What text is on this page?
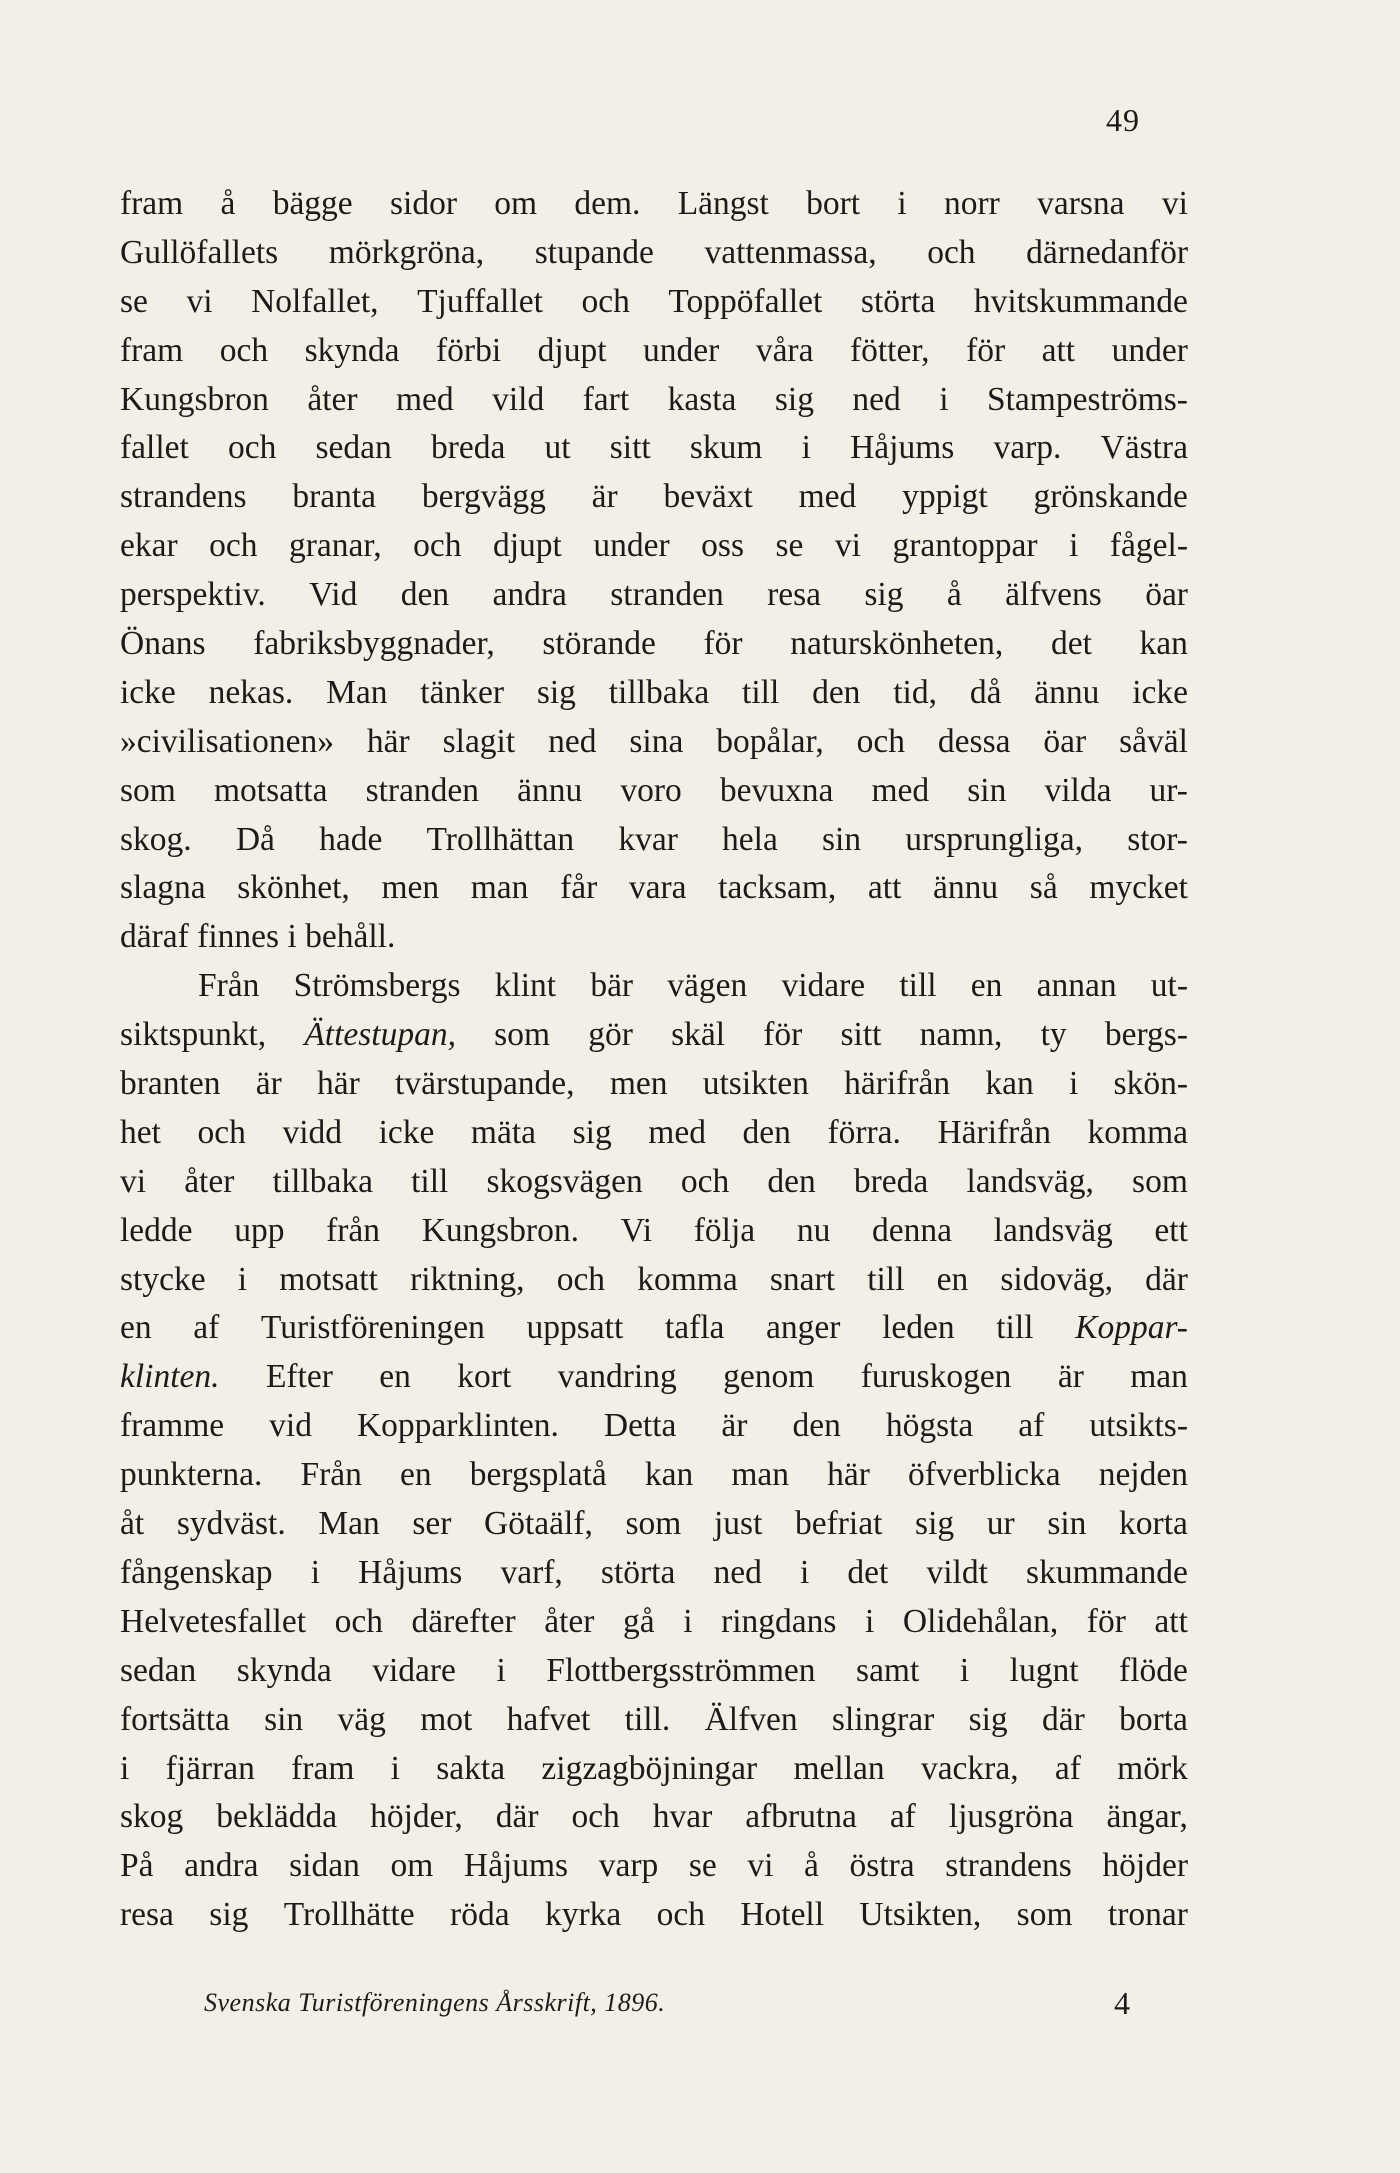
49
fram å bägge sidor om dem. Längst bort i norr varsna vi
Gullöfallets mörkgröna, stupande vattenmassa, och därnedanför
se vi Nolfallet, Tjuffallet och Toppöfallet störta hvitskummande
fram och skynda förbi djupt under våra fötter, för att under
Kungsbron åter med vild fart kasta sig ned i Stampeströms-
fallet och sedan breda ut sitt skum i Håjums varp. Västra
strandens branta bergvägg är beväxt med yppigt grönskande
ekar och granar, och djupt under oss se vi grantoppar i fågel-
perspektiv. Vid den andra stranden resa sig å älfvens öar
Önans fabriksbyggnader, störande för naturskönheten, det kan
icke nekas. Man tänker sig tillbaka till den tid, då ännu icke
»civilisationen» här slagit ned sina bopålar, och dessa öar såväl
som motsatta stranden ännu voro bevuxna med sin vilda ur-
skog. Då hade Trollhättan kvar hela sin ursprungliga, stor-
slagna skönhet, men man får vara tacksam, att ännu så mycket
däraf finnes i behåll.
Från Strömsbergs klint bär vägen vidare till en annan ut-
siktspunkt, Ättestupan, som gör skäl för sitt namn, ty bergs-
branten är här tvärstupande, men utsikten härifrån kan i skön-
het och vidd icke mäta sig med den förra. Härifrån komma
vi åter tillbaka till skogsvägen och den breda landsväg, som
ledde upp från Kungsbron. Vi följa nu denna landsväg ett
stycke i motsatt riktning, och komma snart till en sidoväg, där
en af Turistföreningen uppsatt tafla anger leden till Koppar-
klinten. Efter en kort vandring genom furuskogen är man
framme vid Kopparklinten. Detta är den högsta af utsikts-
punkterna. Från en bergsplatå kan man här öfverblicka nejden
åt sydväst. Man ser Götaälf, som just befriat sig ur sin korta
fångenskap i Håjums varf, störta ned i det vildt skummande
Helvetesfallet och därefter åter gå i ringdans i Olidehålan, för att
sedan skynda vidare i Flottbergsströmmen samt i lugnt flöde
fortsätta sin väg mot hafvet till. Älfven slingrar sig där borta
i fjärran fram i sakta zigzagböjningar mellan vackra, af mörk
skog beklädda höjder, där och hvar afbrutna af ljusgröna ängar,
På andra sidan om Håjums varp se vi å östra strandens höjder
resa sig Trollhätte röda kyrka och Hotell Utsikten, som tronar
Svenska Turistföreningens Årsskrift, 1896.	4
